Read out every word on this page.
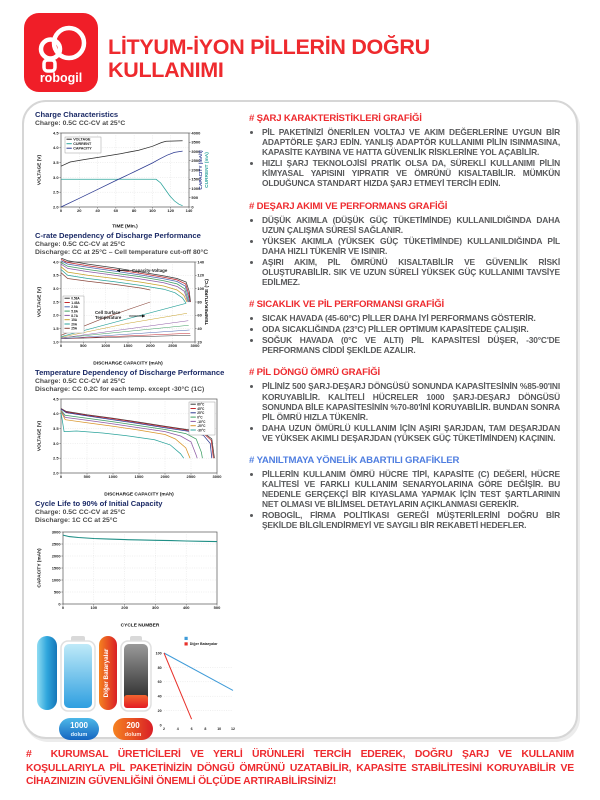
robogil
LİTYUM-İYON PİLLERİN DOĞRU
KULLANIMI
Charge Characteristics
Charge: 0.5C CC-CV at 25°C
0	20	40	60	80	100	120	140
2.0
2.5
3.0
3.5
4.0
4.5
0
500
1000
1500
2000
2500
3000
3500
4000
TIME (Min.)
VOLTAGE (V)	CAPACITY (mAh) CURRENT (mA)
VOLTAGE
CURRENT
CAPACITY
C-rate Dependency of Discharge Performance
Charge: 0.5C CC-CV at 25°C
Discharge: CC at 25°C – Cell temperature cut-off 80°C
0	500	1000	1500	2000	2500	3000
1.0
1.5
2.0
2.5
3.0
3.5
4.0
20
40
60
80
100
120
140
DISCHARGE CAPACITY (mAh)
VOLTAGE (V)	TEMPERATURE (°C)
0.58A
1.45A
2.9A
5.8A
8.7A
15A
20A
25A
Capacity-Voltage
Cell Surface
Temperature
Temperature Dependency of Discharge Performance
Charge: 0.5C CC-CV at 25°C
Discharge: CC 0.2C for each temp. except -30°C (1C)
0	500	1000	1500	2000	2500	3000
2.0
2.5
3.0
3.5
4.0
4.5
DISCHARGE CAPACITY (mAh)
VOLTAGE (V)
60°C
45°C
25°C
0°C
-10°C
-20°C
-30°C
Cycle Life to 90% of Initial Capacity
Charge: 0.5C CC-CV at 25°C
Discharge: 1C CC at 25°C
0	100	200	300	400	500
0
500
1000
1500
2000
2500
3000
CYCLE NUMBER
CAPACITY (mAh)
Diğer Bataryalar
1000
dolum
200
dolum
2	4	6	8	10	12
0
20
40
60
80
100
Diğer Bataryalar
# ŞARJ KARAKTERİSTİKLERİ GRAFİĞİ
• PİL PAKETİNİZİ ÖNERİLEN VOLTAJ VE AKIM DEĞERLERİNE UYGUN BİR ADAPTÖRLE ŞARJ EDİN. YANLIŞ ADAPTÖR KULLANIMI PİLİN ISINMASINA, KAPASİTE KAYBINA VE HATTA GÜVENLİK RİSKLERİNE YOL AÇABİLİR.
• HIZLI ŞARJ TEKNOLOJİSİ PRATİK OLSA DA, SÜREKLİ KULLANIMI PİLİN KİMYASAL YAPISINI YIPRATIR VE ÖMRÜNÜ KISALTABİLİR. MÜMKÜN OLDUĞUNCA STANDART HIZDA ŞARJ ETMEYİ TERCİH EDİN.
# DEŞARJ AKIMI VE PERFORMANS GRAFİĞİ
• DÜŞÜK AKIMLA (DÜŞÜK GÜÇ TÜKETİMİNDE) KULLANILDIĞINDA DAHA UZUN ÇALIŞMA SÜRESİ SAĞLANIR.
• YÜKSEK AKIMLA (YÜKSEK GÜÇ TÜKETİMİNDE) KULLANILDIĞINDA PİL DAHA HIZLI TÜKENİR VE ISINIR.
• AŞIRI AKIM, PİL ÖMRÜNÜ KISALTABİLİR VE GÜVENLİK RİSKİ OLUŞTURABİLİR. SIK VE UZUN SÜRELİ YÜKSEK GÜÇ KULLANIMI TAVSİYE EDİLMEZ.
# SICAKLIK VE PİL PERFORMANSI GRAFİĞİ
• SICAK HAVADA (45-60°C) PİLLER DAHA İYİ PERFORMANS GÖSTERİR.
• ODA SICAKLIĞINDA (23°C) PİLLER OPTİMUM KAPASİTEDE ÇALIŞIR.
• SOĞUK HAVADA (0°C VE ALTI) PİL KAPASİTESİ DÜŞER, -30°C'DE PERFORMANS CİDDİ ŞEKİLDE AZALIR.
# PİL DÖNGÜ ÖMRÜ GRAFİĞİ
• PİLİNİZ 500 ŞARJ-DEŞARJ DÖNGÜSÜ SONUNDA KAPASİTESİNİN %85-90'INI KORUYABİLİR. KALİTELİ HÜCRELER 1000 ŞARJ-DEŞARJ DÖNGÜSÜ SONUNDA BİLE KAPASİTESİNİN %70-80'İNİ KORUYABİLİR. BUNDAN SONRA PİL ÖMRÜ HIZLA TÜKENİR.
• DAHA UZUN ÖMÜRLÜ KULLANIM İÇİN AŞIRI ŞARJDAN, TAM DEŞARJDAN VE YÜKSEK AKIMLI DEŞARJDAN (YÜKSEK GÜÇ TÜKETİMİNDEN) KAÇININ.
# YANILTMAYA YÖNELİK ABARTILI GRAFİKLER
• PİLLERİN KULLANIM ÖMRÜ HÜCRE TİPİ, KAPASİTE (C) DEĞERİ, HÜCRE KALİTESİ VE FARKLI KULLANIM SENARYOLARINA GÖRE DEĞİŞİR. BU NEDENLE GERÇEKÇİ BİR KIYASLAMA YAPMAK İÇİN TEST ŞARTLARININ NET OLMASI VE BİLİMSEL DETAYLARIN AÇIKLANMASI GEREKİR.
• ROBOGİL, FİRMA POLİTİKASI GEREĞİ MÜŞTERİLERİNİ DOĞRU BİR ŞEKİLDE BİLGİLENDİRMEYİ VE SAYGILI BİR REKABETİ HEDEFLER.
# KURUMSAL ÜRETİCİLERİ VE YERLİ ÜRÜNLERİ TERCİH EDEREK, DOĞRU ŞARJ VE KULLANIM KOŞULLARIYLA PİL PAKETİNİZİN DÖNGÜ ÖMRÜNÜ UZATABİLİR, KAPASİTE STABİLİTESİNİ KORUYABİLİR VE CİHAZINIZIN GÜVENLİĞİNİ ÖNEMLİ ÖLÇÜDE ARTIRABİLİRSİNİZ!
